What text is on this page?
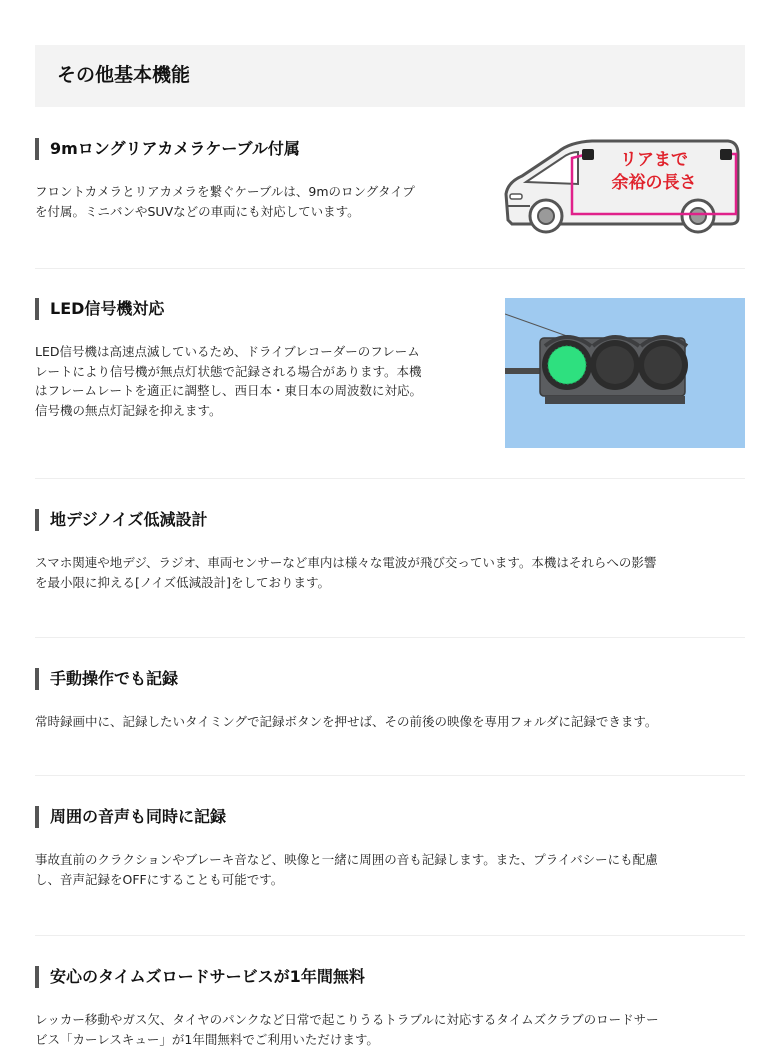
その他基本機能
9mロングリアカメラケーブル付属

フロントカメラとリアカメラを繋ぐケーブルは、9mのロングタイプ
を付属。ミニバンやSUVなどの車両にも対応しています。

リアまで
余裕の長さ
LED信号機対応

LED信号機は高速点滅しているため、ドライブレコーダーのフレーム
レートにより信号機が無点灯状態で記録される場合があります。本機
はフレームレートを適正に調整し、西日本・東日本の周波数に対応。
信号機の無点灯記録を抑えます。

地デジノイズ低減設計

スマホ関連や地デジ、ラジオ、車両センサーなど車内は様々な電波が飛び交っています。本機はそれらへの影響
を最小限に抑える[ノイズ低減設計]をしております。

手動操作でも記録

常時録画中に、記録したいタイミングで記録ボタンを押せば、その前後の映像を専用フォルダに記録できます。

周囲の音声も同時に記録

事故直前のクラクションやブレーキ音など、映像と一緒に周囲の音も記録します。また、プライバシーにも配慮
し、音声記録をOFFにすることも可能です。

安心のタイムズロードサービスが1年間無料

レッカー移動やガス欠、タイヤのパンクなど日常で起こりうるトラブルに対応するタイムズクラブのロードサー
ビス「カーレスキュー」が1年間無料でご利用いただけます。
